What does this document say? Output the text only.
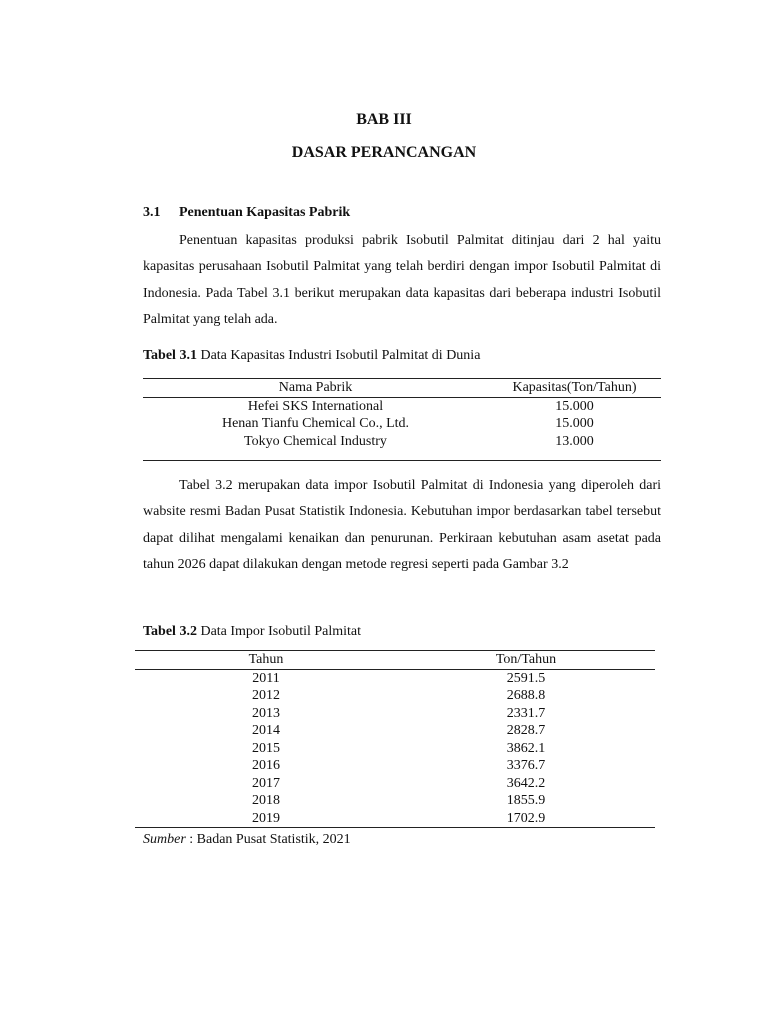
BAB III
DASAR PERANCANGAN
3.1 Penentuan Kapasitas Pabrik

Penentuan kapasitas produksi pabrik Isobutil Palmitat ditinjau dari 2 hal yaitu kapasitas perusahaan Isobutil Palmitat yang telah berdiri dengan impor Isobutil Palmitat di Indonesia. Pada Tabel 3.1 berikut merupakan data kapasitas dari beberapa industri Isobutil Palmitat yang telah ada.

Tabel 3.1 Data Kapasitas Industri Isobutil Palmitat di Dunia
Nama Pabrik	Kapasitas(Ton/Tahun)
Hefei SKS International	15.000
Henan Tianfu Chemical Co., Ltd.	15.000
Tokyo Chemical Industry	13.000

Tabel 3.2 merupakan data impor Isobutil Palmitat di Indonesia yang diperoleh dari wabsite resmi Badan Pusat Statistik Indonesia. Kebutuhan impor berdasarkan tabel tersebut dapat dilihat mengalami kenaikan dan penurunan. Perkiraan kebutuhan asam asetat pada tahun 2026 dapat dilakukan dengan metode regresi seperti pada Gambar 3.2

Tabel 3.2 Data Impor Isobutil Palmitat
Tahun	Ton/Tahun
2011	2591.5
2012	2688.8
2013	2331.7
2014	2828.7
2015	3862.1
2016	3376.7
2017	3642.2
2018	1855.9
2019	1702.9
Sumber : Badan Pusat Statistik, 2021
